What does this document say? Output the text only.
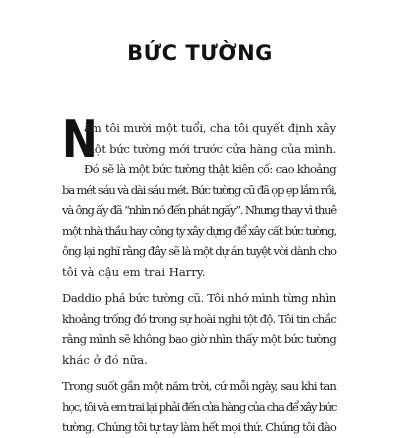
BỨC TƯỜNG
N

ăm tôi mười một tuổi, cha tôi quyết định xây
một bức tường mới trước cửa hàng của mình.
Đó sẽ là một bức tường thật kiên cố: cao khoảng
ba mét sáu và dài sáu mét. Bức tường cũ đã ọp ẹp lắm rồi,
và ông ấy đã “nhìn nó đến phát ngấy”. Nhưng thay vì thuê
một nhà thầu hay công ty xây dựng để xây cất bức tường,
ông lại nghĩ rằng đây sẽ là một dự án tuyệt vời dành cho
tôi và cậu em trai Harry.

Daddio phá bức tường cũ. Tôi nhớ mình từng nhìn
khoảng trống đó trong sự hoài nghi tột độ. Tôi tin chắc
rằng mình sẽ không bao giờ nhìn thấy một bức tường
khác ở đó nữa.

Trong suốt gần một năm trời, cứ mỗi ngày, sau khi tan
học, tôi và em trai lại phải đến cửa hàng của cha để xây bức
tường. Chúng tôi tự tay làm hết mọi thứ. Chúng tôi đào
